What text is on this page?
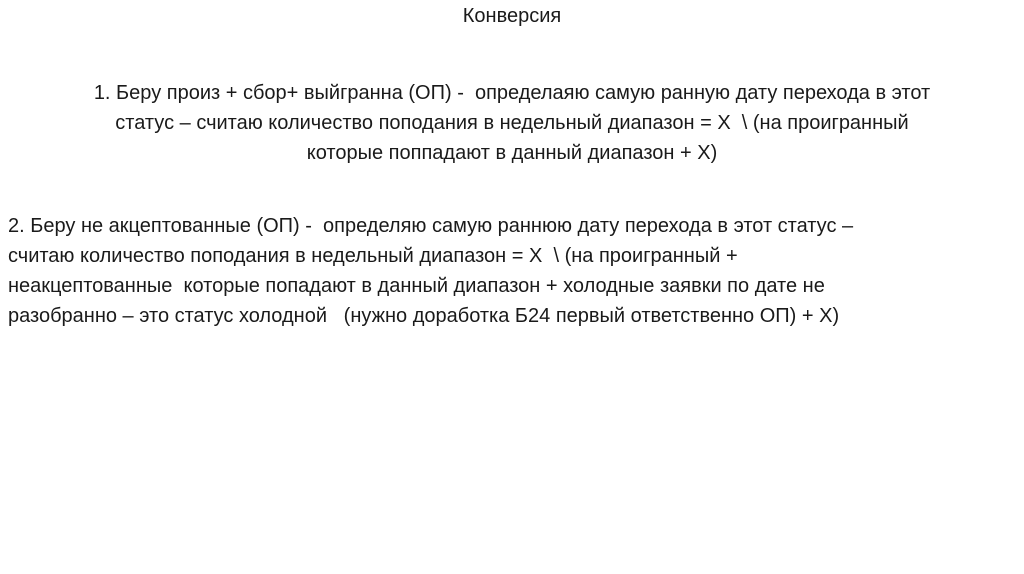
Конверсия
1. Беру произ + сбор+ выйгранна (ОП) -  определаяю самую ранную дату перехода в этот
статус – считаю количество поподания в недельный диапазон = X  \ (на проигранный
которые поппадают в данный диапазон + X)
2. Беру не акцептованные (ОП) -  определяю самую раннюю дату перехода в этот статус –
считаю количество поподания в недельный диапазон = X  \ (на проигранный +
неакцептованные  которые попадают в данный диапазон + холодные заявки по дате не
разобранно – это статус холодной   (нужно доработка Б24 первый ответственно ОП) + X)
